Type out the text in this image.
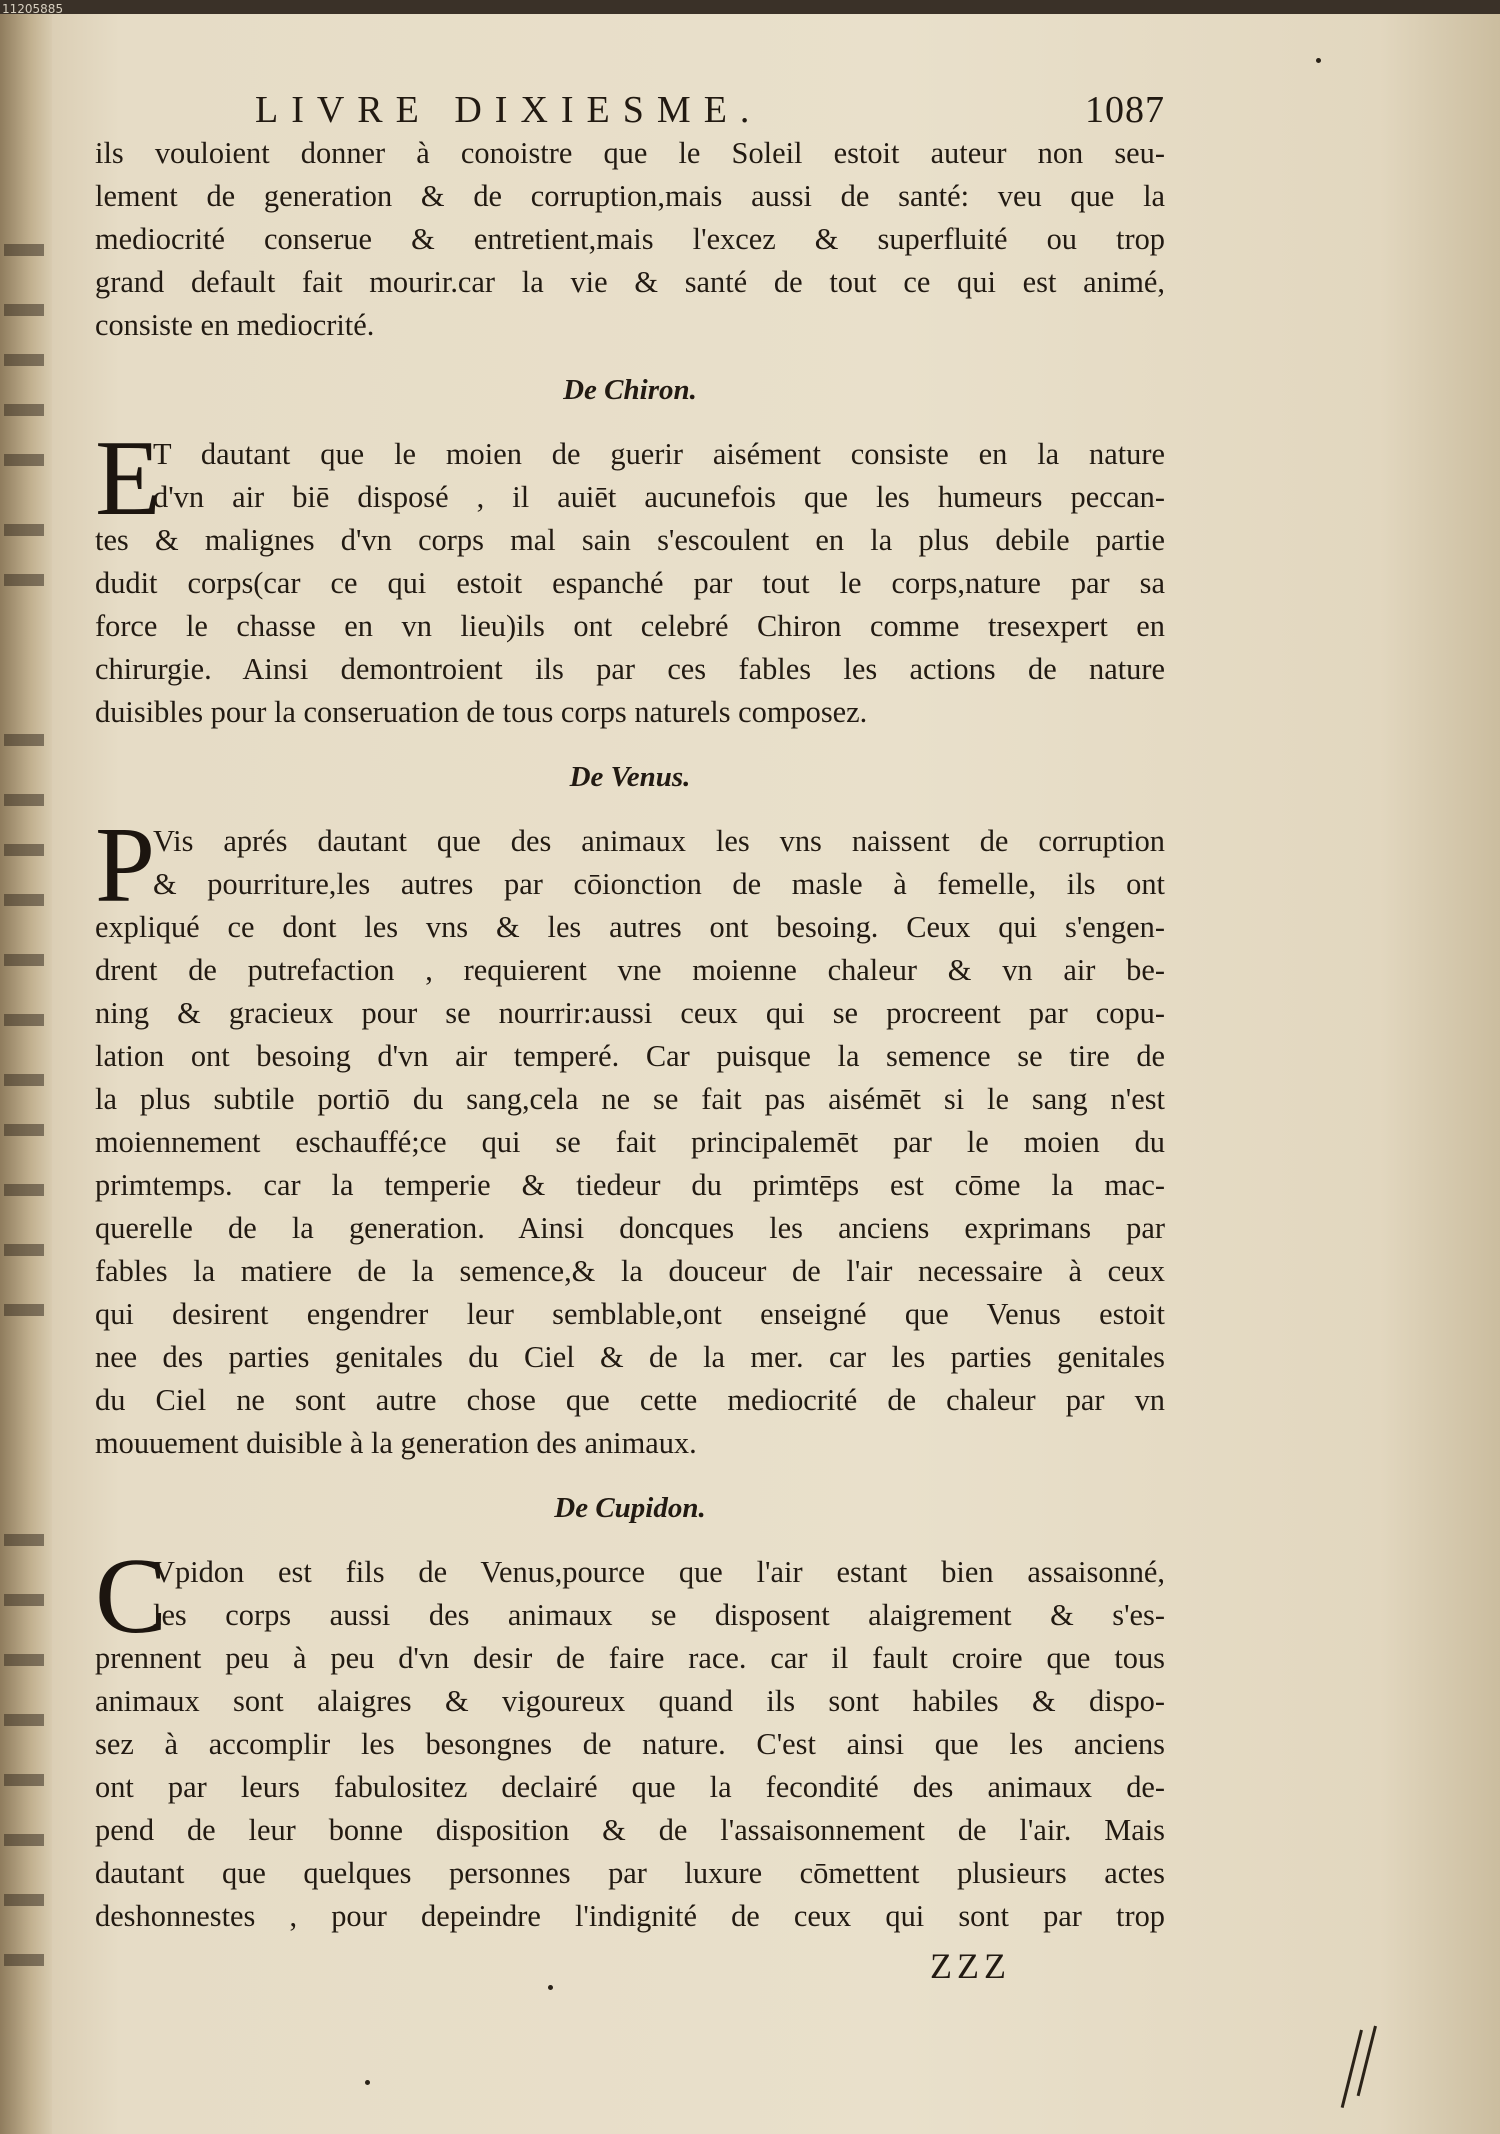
11205885
LIVRE DIXIESME.	1087
ils vouloient donner à conoistre que le Soleil estoit auteur non seu-
lement de generation & de corruption,mais aussi de santé: veu que la
mediocrité conserue & entretient,mais l'excez & superfluité ou trop
grand default fait mourir.car la vie & santé de tout ce qui est animé,
consiste en mediocrité.
De Chiron.
E
T dautant que le moien de guerir aisément consiste en la nature
d'vn air biē disposé , il auiēt aucunefois que les humeurs peccan-
tes & malignes d'vn corps mal sain s'escoulent en la plus debile partie
dudit corps(car ce qui estoit espanché par tout le corps,nature par sa
force le chasse en vn lieu)ils ont celebré Chiron comme tresexpert en
chirurgie. Ainsi demontroient ils par ces fables les actions de nature
duisibles pour la conseruation de tous corps naturels composez.
De Venus.
P
Vis aprés dautant que des animaux les vns naissent de corruption
& pourriture,les autres par cōionction de masle à femelle, ils ont
expliqué ce dont les vns & les autres ont besoing. Ceux qui s'engen-
drent de putrefaction , requierent vne moienne chaleur & vn air be-
ning & gracieux pour se nourrir:aussi ceux qui se procreent par copu-
lation ont besoing d'vn air temperé. Car puisque la semence se tire de
la plus subtile portiō du sang,cela ne se fait pas aisémēt si le sang n'est
moiennement eschauffé;ce qui se fait principalemēt par le moien du
primtemps. car la temperie & tiedeur du primtēps est cōme la mac-
querelle de la generation. Ainsi doncques les anciens exprimans par
fables la matiere de la semence,& la douceur de l'air necessaire à ceux
qui desirent engendrer leur semblable,ont enseigné que Venus estoit
nee des parties genitales du Ciel & de la mer. car les parties genitales
du Ciel ne sont autre chose que cette mediocrité de chaleur par vn
mouuement duisible à la generation des animaux.
De Cupidon.
C
Vpidon est fils de Venus,pource que l'air estant bien assaisonné,
les corps aussi des animaux se disposent alaigrement & s'es-
prennent peu à peu d'vn desir de faire race. car il fault croire que tous
animaux sont alaigres & vigoureux quand ils sont habiles & dispo-
sez à accomplir les besongnes de nature. C'est ainsi que les anciens
ont par leurs fabulositez declairé que la fecondité des animaux de-
pend de leur bonne disposition & de l'assaisonnement de l'air. Mais
dautant que quelques personnes par luxure cōmettent plusieurs actes
deshonnestes , pour depeindre l'indignité de ceux qui sont par trop
ZZZ
